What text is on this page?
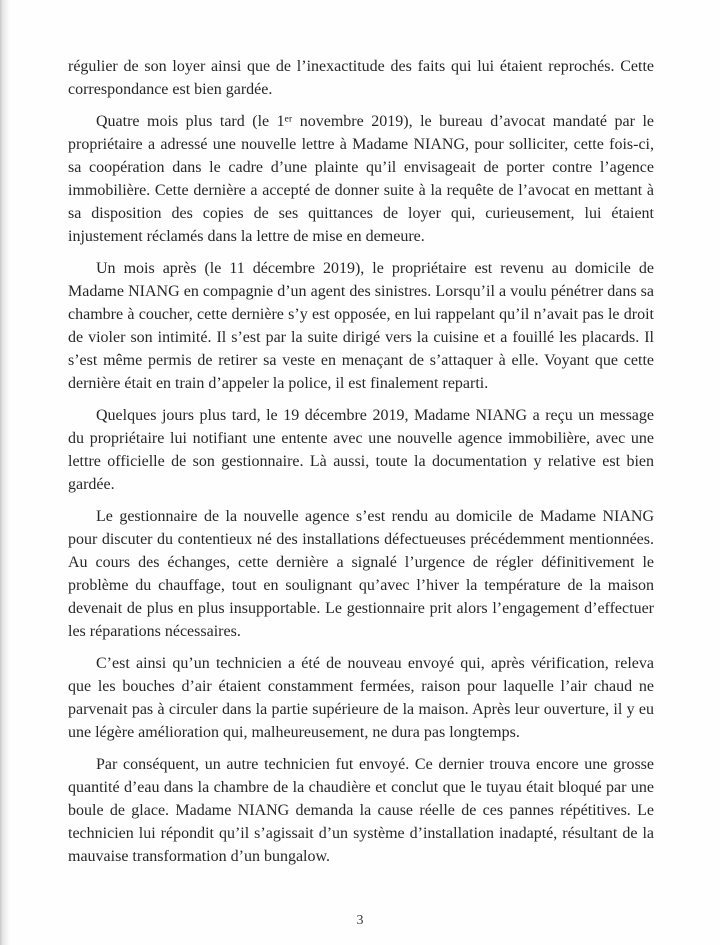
régulier de son loyer ainsi que de l’inexactitude des faits qui lui étaient reprochés. Cette correspondance est bien gardée.

Quatre mois plus tard (le 1ᵉʳ novembre 2019), le bureau d’avocat mandaté par le propriétaire a adressé une nouvelle lettre à Madame NIANG, pour solliciter, cette fois-ci, sa coopération dans le cadre d’une plainte qu’il envisageait de porter contre l’agence immobilière. Cette dernière a accepté de donner suite à la requête de l’avocat en mettant à sa disposition des copies de ses quittances de loyer qui, curieusement, lui étaient injustement réclamés dans la lettre de mise en demeure.

Un mois après (le 11 décembre 2019), le propriétaire est revenu au domicile de Madame NIANG en compagnie d’un agent des sinistres. Lorsqu’il a voulu pénétrer dans sa chambre à coucher, cette dernière s’y est opposée, en lui rappelant qu’il n’avait pas le droit de violer son intimité. Il s’est par la suite dirigé vers la cuisine et a fouillé les placards. Il s’est même permis de retirer sa veste en menaçant de s’attaquer à elle. Voyant que cette dernière était en train d’appeler la police, il est finalement reparti.

Quelques jours plus tard, le 19 décembre 2019, Madame NIANG a reçu un message du propriétaire lui notifiant une entente avec une nouvelle agence immobilière, avec une lettre officielle de son gestionnaire. Là aussi, toute la documentation y relative est bien gardée.

Le gestionnaire de la nouvelle agence s’est rendu au domicile de Madame NIANG pour discuter du contentieux né des installations défectueuses précédemment mentionnées. Au cours des échanges, cette dernière a signalé l’urgence de régler définitivement le problème du chauffage, tout en soulignant qu’avec l’hiver la température de la maison devenait de plus en plus insupportable. Le gestionnaire prit alors l’engagement d’effectuer les réparations nécessaires.

C’est ainsi qu’un technicien a été de nouveau envoyé qui, après vérification, releva que les bouches d’air étaient constamment fermées, raison pour laquelle l’air chaud ne parvenait pas à circuler dans la partie supérieure de la maison. Après leur ouverture, il y eu une légère amélioration qui, malheureusement, ne dura pas longtemps.

Par conséquent, un autre technicien fut envoyé. Ce dernier trouva encore une grosse quantité d’eau dans la chambre de la chaudière et conclut que le tuyau était bloqué par une boule de glace. Madame NIANG demanda la cause réelle de ces pannes répétitives. Le technicien lui répondit qu’il s’agissait d’un système d’installation inadapté, résultant de la mauvaise transformation d’un bungalow.

3
